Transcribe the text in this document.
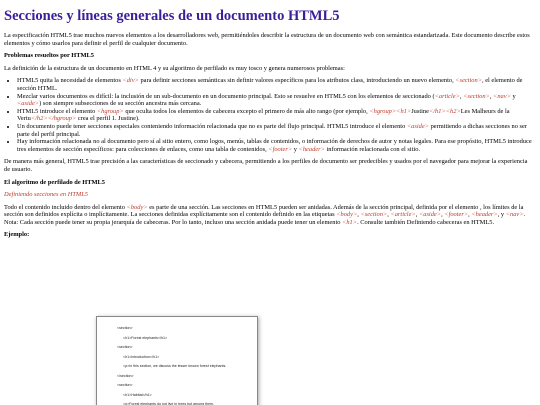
Secciones y líneas generales de un documento HTML5

La especificación HTML5 trae muchos nuevos elementos a los desarrolladores web, permitiéndoles describir la estructura de un documento web con semántica estandarizada. Este documento describe estos elementos y cómo usarlos para definir el perfil de cualquier documento.

Problemas resueltos por HTML5

La definición de la estructura de un documento en HTML 4 y su algoritmo de perfilado es muy tosco y genera numerosos problemas:

• HTML5 quita la necesidad de elementos <div> para definir secciones semánticas sin definir valores específicos para los atributos class, introduciendo un nuevo elemento, <section>, el elemento de sección HTML.
• Mezclar varios documentos es difícil: la inclusión de un sub-documento en un documento principal. Esto se resuelve en HTML5 con los elementos de seccionado (<article>, <section>, <nav> y <aside>) son siempre subsecciones de su sección ancestra más cercana.
• HTML5 introduce el elemento <hgroup> que oculta todos los elementos de cabecera excepto el primero de más alto rango (por ejemplo, <hgroup><h1>Justine</h1><h2>Les Malheurs de la Vertu</h2></hgroup> crea el perfil 1. Justine).
• Un documento puede tener secciones especiales conteniendo información relacionada que no es parte del flujo principal. HTML5 introduce el elemento <aside> permitiendo a dichas secciones no ser parte del perfil principal.
• Hay información relacionada no al documento pero sí al sitio entero, como logos, menús, tablas de contenidos, o información de derechos de autor y notas legales. Para ese propósito, HTML5 introduce tres elementos de sección específicos: para colecciones de enlaces, como una tabla de contenidos, <footer> y <header> información relacionada con el sitio.

De manera más general, HTML5 trae precisión a las características de seccionado y cabecera, permitiendo a los perfiles de documento ser predecibles y usados por el navegador para mejorar la experiencia de usuario.

El algoritmo de perfilado de HTML5

Definiendo secciones en HTML5

Todo el contenido incluido dentro del elemento <body> es parte de una sección. Las secciones en HTML5 pueden ser anidadas. Además de la sección principal, definida por el elemento , los límites de la sección son definidos explícita o implícitamente. La secciones definidas explícitamente son el contenido definido en las etiquetas <body>, <section>, <article>, <aside>, <footer>, <header>, y <nav>. Nota: Cada sección puede tener su propia jerarquía de cabeceras. Por lo tanto, incluso una sección anidada puede tener un elemento <h1>. Consulte también Definiendo cabeceras en HTML5.

Ejemplo:

<section>
<h1>Forest elephants</h1>
<section>
<h1>Introduction</h1>
<p>In this section, we discuss the lesser known forest elephants.
</section>
<section>
<h1>Habitat</h1>
<p>Forest elephants do not live in trees but among them.
